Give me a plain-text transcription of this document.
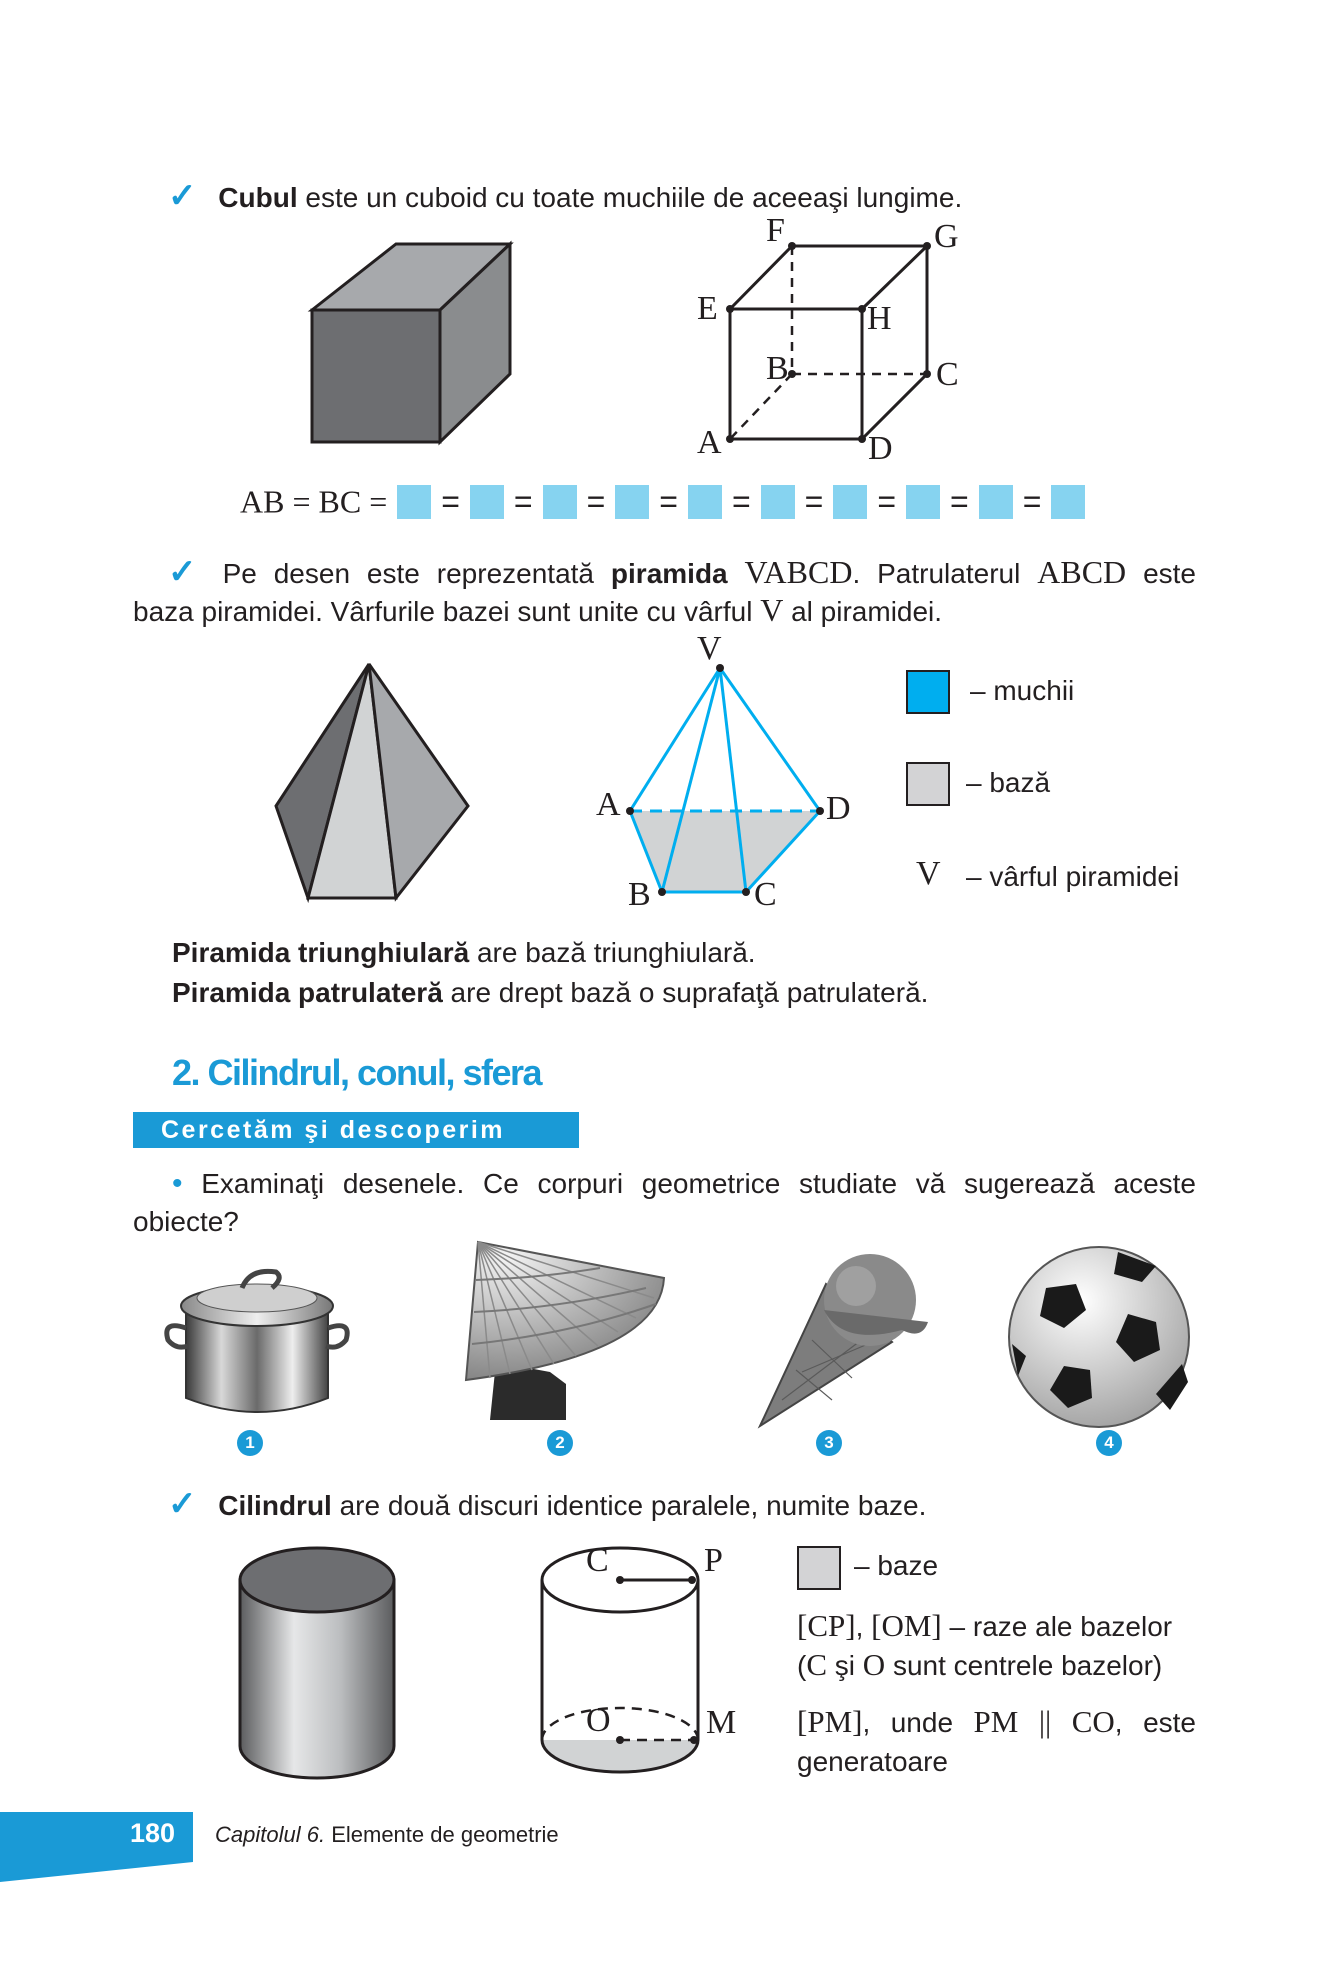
✓ Cubul este un cuboid cu toate muchiile de aceeaşi lungime.
F	G
E	H
B	C
A	D
AB = BC = = = = = = = = = =
✓ Pe desen este reprezentată piramida VABCD. Patrulaterul ABCD este
baza piramidei. Vârfurile bazei sunt unite cu vârful V al piramidei.
V
A	D
B	C
– muchii
– bază
V – vârful piramidei
Piramida triunghiulară are bază triunghiulară.
Piramida patrulateră are drept bază o suprafaţă patrulateră.
2. Cilindrul, conul, sfera
Cercetăm şi descoperim
• Examinaţi desenele. Ce corpuri geometrice studiate vă sugerează aceste
obiecte?
1	2	3	4
✓ Cilindrul are două discuri identice paralele, numite baze.
C	P
O	M
– baze
[CP], [OM] – raze ale bazelor
(C şi O sunt centrele bazelor)
[PM], unde PM || CO, este
generatoare
180 Capitolul 6. Elemente de geometrie
